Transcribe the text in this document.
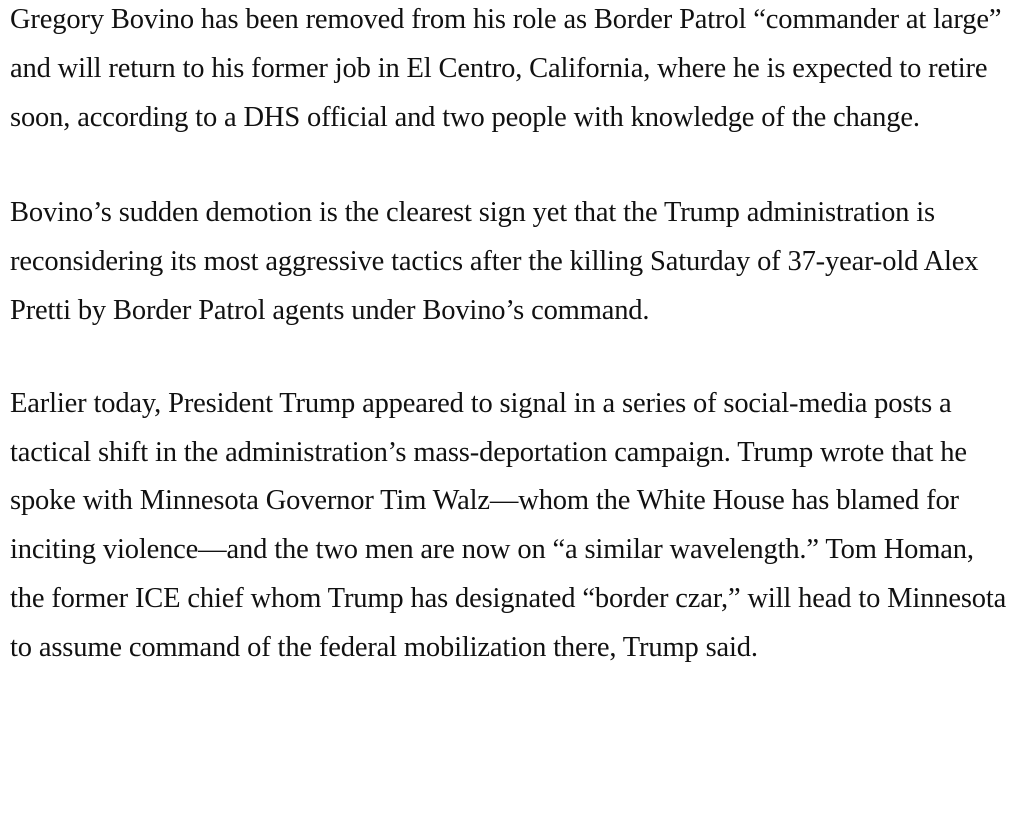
Gregory Bovino has been removed from his role as Border Patrol “commander at large” and will return to his former job in El Centro, California, where he is expected to retire soon, according to a DHS official and two people with knowledge of the change.

Bovino’s sudden demotion is the clearest sign yet that the Trump administration is reconsidering its most aggressive tactics after the killing Saturday of 37-year-old Alex Pretti by Border Patrol agents under Bovino’s command.

Earlier today, President Trump appeared to signal in a series of social-media posts a tactical shift in the administration’s mass-deportation campaign. Trump wrote that he spoke with Minnesota Governor Tim Walz—whom the White House has blamed for inciting violence—and the two men are now on “a similar wavelength.” Tom Homan, the former ICE chief whom Trump has designated “border czar,” will head to Minnesota to assume command of the federal mobilization there, Trump said.
